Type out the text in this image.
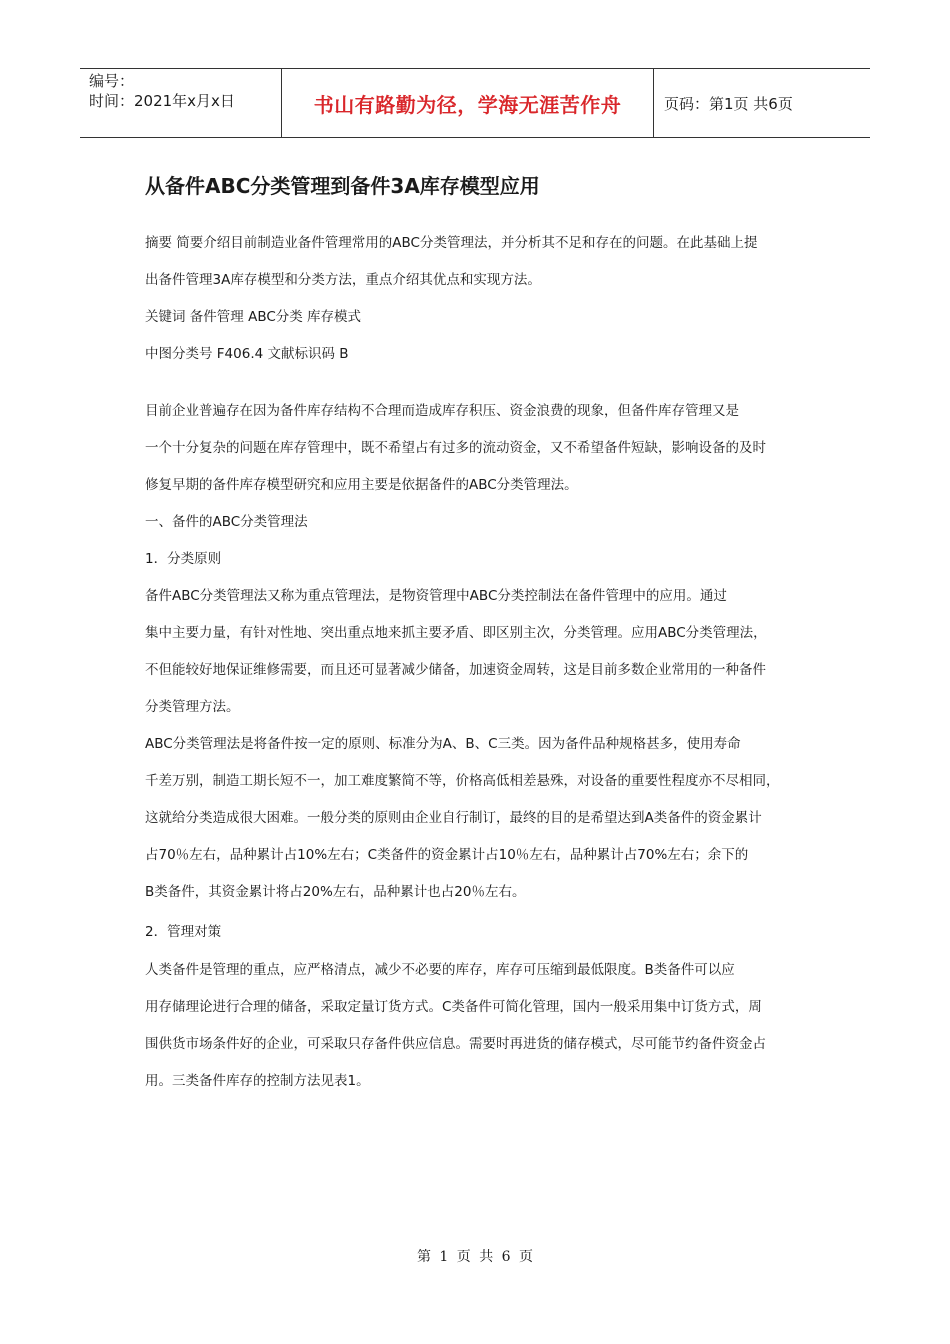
编号：
时间：2021年x月x日	书山有路勤为径，学海无涯苦作舟	页码：第1页 共6页
从备件ABC分类管理到备件3A库存模型应用
摘要 简要介绍目前制造业备件管理常用的ABC分类管理法，并分析其不足和存在的问题。在此基础上提
出备件管理3A库存模型和分类方法，重点介绍其优点和实现方法。
关键词 备件管理 ABC分类 库存模式
中图分类号 F406.4 文献标识码 B
目前企业普遍存在因为备件库存结构不合理而造成库存积压、资金浪费的现象，但备件库存管理又是
一个十分复杂的问题在库存管理中，既不希望占有过多的流动资金，又不希望备件短缺，影响设备的及时
修复早期的备件库存模型研究和应用主要是依据备件的ABC分类管理法。
一、备件的ABC分类管理法
1．分类原则
备件ABC分类管理法又称为重点管理法，是物资管理中ABC分类控制法在备件管理中的应用。通过
集中主要力量，有针对性地、突出重点地来抓主要矛盾、即区别主次，分类管理。应用ABC分类管理法，
不但能较好地保证维修需要，而且还可显著减少储备，加速资金周转，这是目前多数企业常用的一种备件
分类管理方法。
ABC分类管理法是将备件按一定的原则、标准分为A、B、C三类。因为备件品种规格甚多，使用寿命
千差万别，制造工期长短不一，加工难度繁简不等，价格高低相差悬殊，对设备的重要性程度亦不尽相同，
这就给分类造成很大困难。一般分类的原则由企业自行制订，最终的目的是希望达到A类备件的资金累计
占70％左右，品种累计占10%左右；C类备件的资金累计占10％左右，品种累计占70%左右；余下的
B类备件，其资金累计将占20%左右，品种累计也占20％左右。
2．管理对策
人类备件是管理的重点，应严格清点，减少不必要的库存，库存可压缩到最低限度。B类备件可以应
用存储理论进行合理的储备，采取定量订货方式。C类备件可简化管理，国内一般采用集中订货方式，周
围供货市场条件好的企业，可采取只存备件供应信息。需要时再进货的储存模式，尽可能节约备件资金占
用。三类备件库存的控制方法见表1。
第 1 页 共 6 页
